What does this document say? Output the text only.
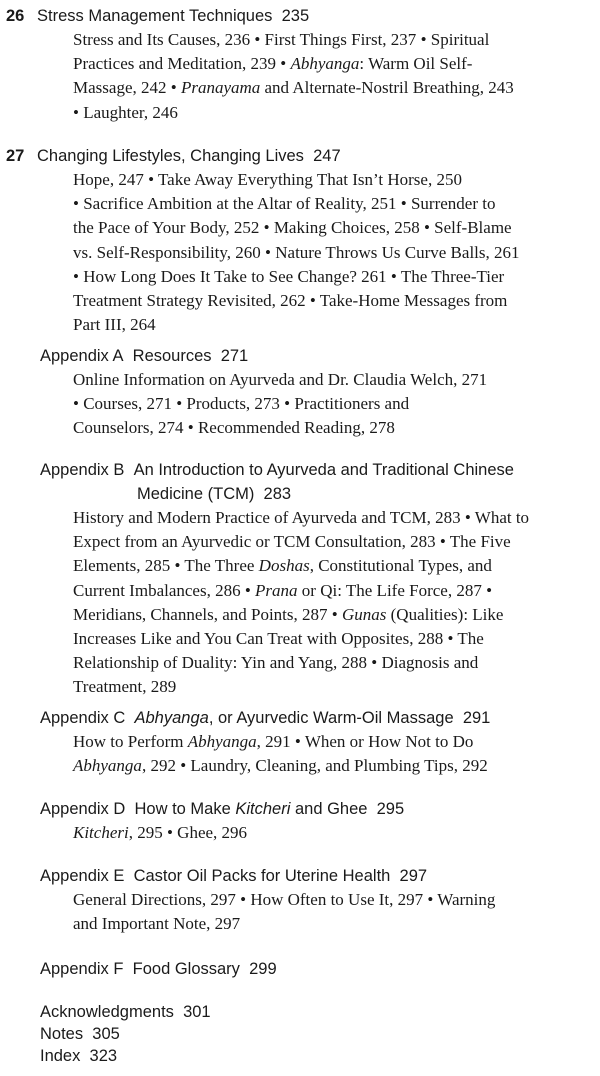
26 Stress Management Techniques 235
Stress and Its Causes, 236 • First Things First, 237 • Spiritual
Practices and Meditation, 239 • Abhyanga: Warm Oil Self-
Massage, 242 • Pranayama and Alternate-Nostril Breathing, 243
• Laughter, 246
27 Changing Lifestyles, Changing Lives 247
Hope, 247 • Take Away Everything That Isn’t Horse, 250
• Sacrifice Ambition at the Altar of Reality, 251 • Surrender to
the Pace of Your Body, 252 • Making Choices, 258 • Self-Blame
vs. Self-Responsibility, 260 • Nature Throws Us Curve Balls, 261
• How Long Does It Take to See Change? 261 • The Three-Tier
Treatment Strategy Revisited, 262 • Take-Home Messages from
Part III, 264
Appendix A Resources 271
Online Information on Ayurveda and Dr. Claudia Welch, 271
• Courses, 271 • Products, 273 • Practitioners and
Counselors, 274 • Recommended Reading, 278
Appendix B An Introduction to Ayurveda and Traditional Chinese
Medicine (TCM) 283
History and Modern Practice of Ayurveda and TCM, 283 • What to
Expect from an Ayurvedic or TCM Consultation, 283 • The Five
Elements, 285 • The Three Doshas, Constitutional Types, and
Current Imbalances, 286 • Prana or Qi: The Life Force, 287 •
Meridians, Channels, and Points, 287 • Gunas (Qualities): Like
Increases Like and You Can Treat with Opposites, 288 • The
Relationship of Duality: Yin and Yang, 288 • Diagnosis and
Treatment, 289
Appendix C Abhyanga, or Ayurvedic Warm-Oil Massage 291
How to Perform Abhyanga, 291 • When or How Not to Do
Abhyanga, 292 • Laundry, Cleaning, and Plumbing Tips, 292
Appendix D How to Make Kitcheri and Ghee 295
Kitcheri, 295 • Ghee, 296
Appendix E Castor Oil Packs for Uterine Health 297
General Directions, 297 • How Often to Use It, 297 • Warning
and Important Note, 297
Appendix F Food Glossary 299
Acknowledgments 301
Notes 305
Index 323
